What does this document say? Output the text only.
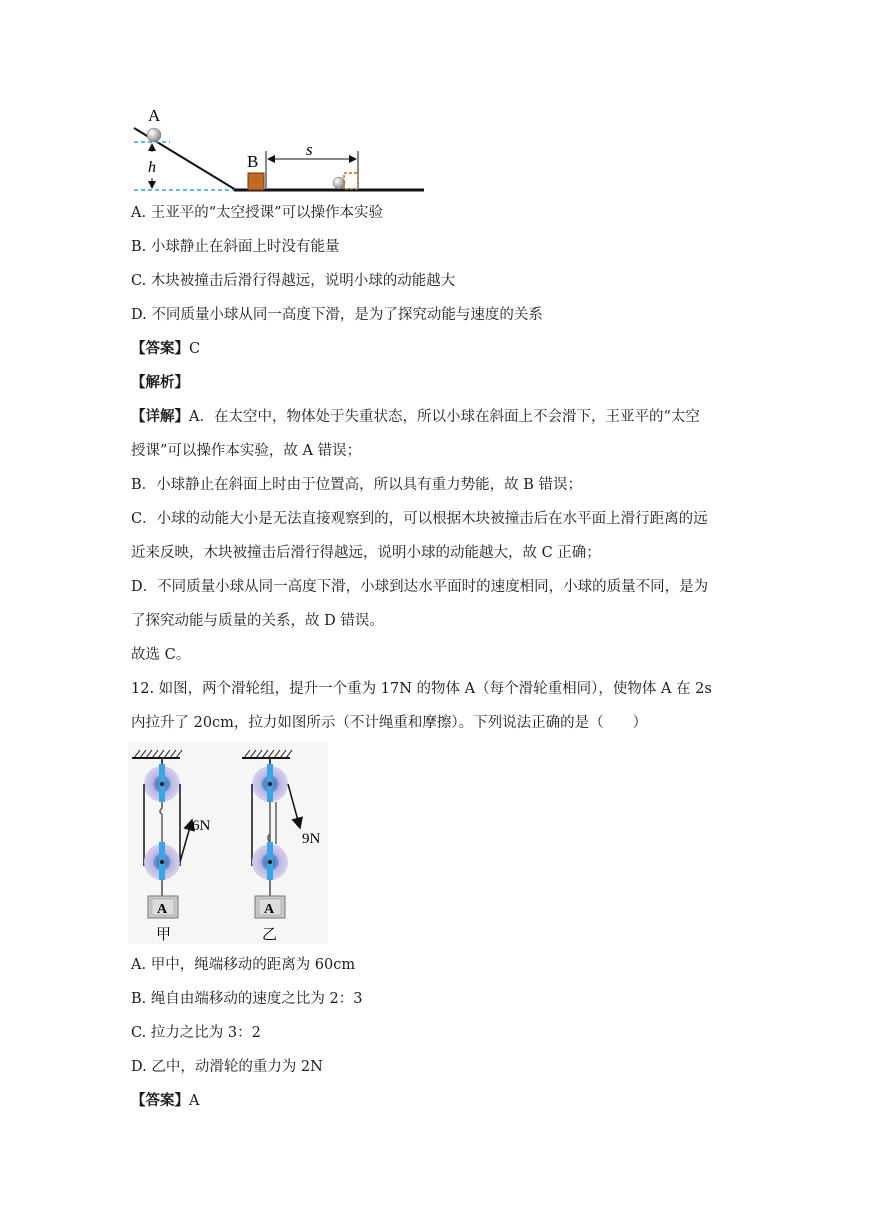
h
A
B
s
A. 王亚平的“太空授课”可以操作本实验
B. 小球静止在斜面上时没有能量
C. 木块被撞击后滑行得越远，说明小球的动能越大
D. 不同质量小球从同一高度下滑，是为了探究动能与速度的关系
【答案】C
【解析】
【详解】A．在太空中，物体处于失重状态，所以小球在斜面上不会滑下，王亚平的“太空
授课”可以操作本实验，故 A 错误；
B．小球静止在斜面上时由于位置高，所以具有重力势能，故 B 错误；
C．小球的动能大小是无法直接观察到的，可以根据木块被撞击后在水平面上滑行距离的远
近来反映，木块被撞击后滑行得越远，说明小球的动能越大，故 C 正确；
D．不同质量小球从同一高度下滑，小球到达水平面时的速度相同，小球的质量不同，是为
了探究动能与质量的关系，故 D 错误。
故选 C。
12. 如图，两个滑轮组，提升一个重为 17N 的物体 A（每个滑轮重相同），使物体 A 在 2s
内拉升了 20cm，拉力如图所示（不计绳重和摩擦）。下列说法正确的是（　　）
6N
A
甲
9N
A
乙
A. 甲中，绳端移动的距离为 60cm
B. 绳自由端移动的速度之比为 2：3
C. 拉力之比为 3：2
D. 乙中，动滑轮的重力为 2N
【答案】A
